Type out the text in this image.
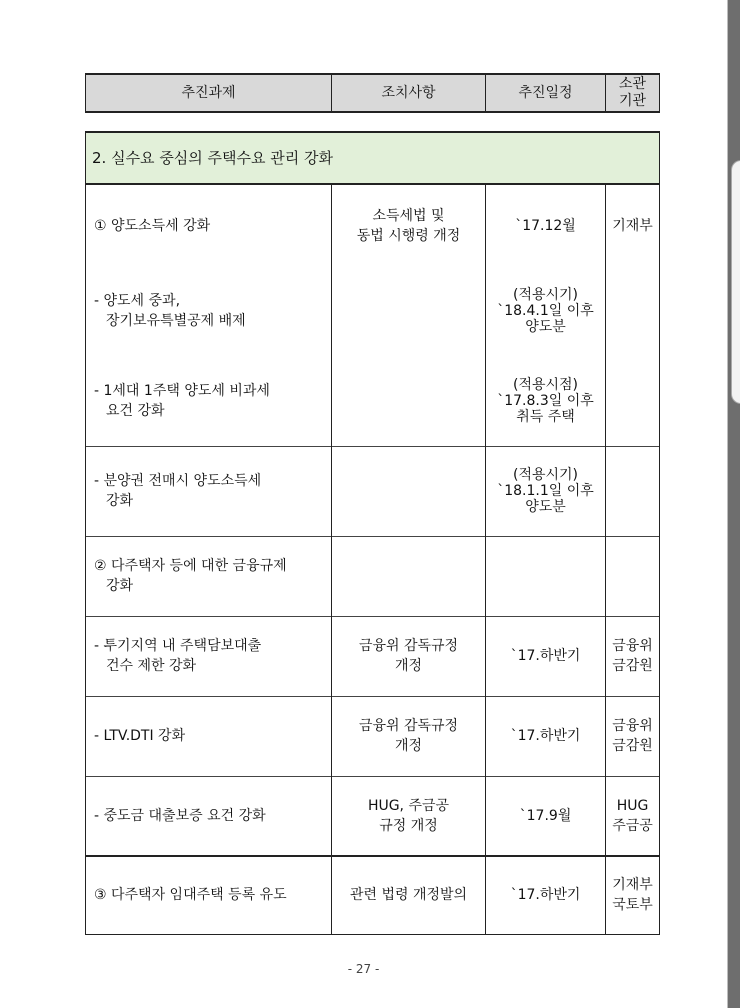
추진과제	조치사항	추진일정	소관
기관
2. 실수요 중심의 주택수요 관리 강화			
① 양도소득세 강화	소득세법 및
동법 시행령 개정	`17.12월	기재부
- 양도세 중과,
장기보유특별공제 배제		(적용시기)
`18.4.1일 이후
양도분	
- 1세대 1주택 양도세 비과세
요건 강화		(적용시점)
`17.8.3일 이후
취득 주택	
- 분양권 전매시 양도소득세
강화		(적용시기)
`18.1.1일 이후
양도분	
② 다주택자 등에 대한 금융규제
강화			

- 투기지역 내 주택담보대출
건수 제한 강화	금융위 감독규정
개정	`17.하반기	금융위
금감원
- LTV.DTI 강화	금융위 감독규정
개정	`17.하반기	금융위
금감원
- 중도금 대출보증 요건 강화	HUG, 주금공
규정 개정	`17.9월	HUG
주금공
③ 다주택자 임대주택 등록 유도	관련 법령 개정발의	`17.하반기	기재부
국토부
- 27 -
